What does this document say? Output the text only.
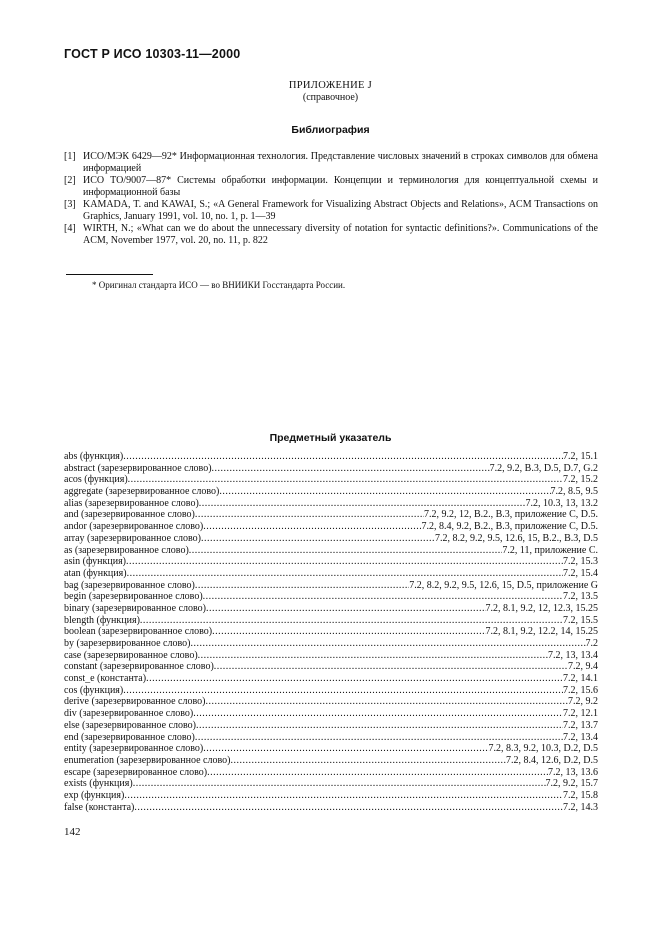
ГОСТ Р ИСО 10303-11—2000
ПРИЛОЖЕНИЕ J
(справочное)
Библиография
[1] ИСО/МЭК 6429—92* Информационная технология. Представление числовых значений в строках символов для обмена информацией
[2] ИСО ТО/9007—87* Системы обработки информации. Концепции и терминология для концептуальной схемы и информационной базы
[3] KAMADA, T. and KAWAI, S.; «A General Framework for Visualizing Abstract Objects and Relations», ACM Transactions on Graphics, January 1991, vol. 10, no. 1, p. 1—39
[4] WIRTH, N.; «What can we do about the unnecessary diversity of notation for syntactic definitions?». Communications of the ACM, November 1977, vol. 20, no. 11, p. 822
* Оригинал стандарта ИСО — во ВНИИКИ Госстандарта России.
Предметный указатель
abs (функция) .....	7.2, 15.1
abstract (зарезервированное слово) .....	7.2, 9.2, B.3, D.5, D.7, G.2
acos (функция) .....	7.2, 15.2
aggregate (зарезервированное слово) .....	7.2, 8.5, 9.5
alias (зарезервированное слово) .....	7.2, 10.3, 13, 13.2
and (зарезервированное слово) .....	7.2, 9.2, 12, B.2., B.3, приложение C, D.5.
andor (зарезервированное слово) .....	7.2, 8.4, 9.2, B.2., B.3, приложение C, D.5.
array (зарезервированное слово) .....	7.2, 8.2, 9.2, 9.5, 12.6, 15, B.2., B.3, D.5
as (зарезервированное слово) .....	7.2, 11, приложение C.
asin (функция) .....	7.2, 15.3
atan (функция) .....	7.2, 15.4
bag (зарезервированное слово) .....	7.2, 8.2, 9.2, 9.5, 12.6, 15, D.5, приложение G
begin (зарезервированное слово) .....	7.2, 13.5
binary (зарезервированное слово) .....	7.2, 8.1, 9.2, 12, 12.3, 15.25
blength (функция) .....	7.2, 15.5
boolean (зарезервированное слово) .....	7.2, 8.1, 9.2, 12.2, 14, 15.25
by (зарезервированное слово) .....	7.2
case (зарезервированное слово) .....	7.2, 13, 13.4
constant (зарезервированное слово) .....	7.2, 9.4
const_e (константа) .....	7.2, 14.1
cos (функция) .....	7.2, 15.6
derive (зарезервированное слово) .....	7.2, 9.2
div (зарезервированное слово) .....	7.2, 12.1
else (зарезервированное слово) .....	7.2, 13.7
end (зарезервированное слово) .....	7.2, 13.4
entity (зарезервированное слово) .....	7.2, 8.3, 9.2, 10.3, D.2, D.5
enumeration (зарезервированное слово) .....	7.2, 8.4, 12.6, D.2, D.5
escape (зарезервированное слово) .....	7.2, 13, 13.6
exists (функция) .....	7.2, 9.2, 15.7
exp (функция) .....	7.2, 15.8
false (константа) .....	7.2, 14.3
142
